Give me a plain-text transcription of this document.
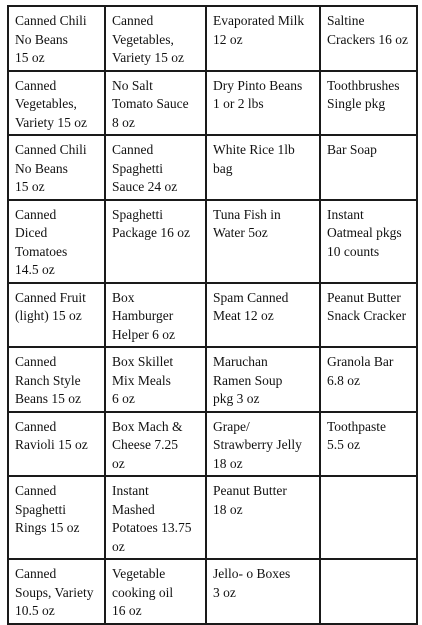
Canned Chili
No Beans
15 oz	Canned
Vegetables,
Variety 15 oz	Evaporated Milk
12 oz	Saltine
Crackers 16 oz

Canned
Vegetables,
Variety 15 oz	No Salt
Tomato Sauce
8 oz	Dry Pinto Beans
1 or 2 lbs	Toothbrushes
Single pkg

Canned Chili
No Beans
15 oz	Canned
Spaghetti
Sauce 24 oz	White Rice 1lb
bag	Bar Soap

Canned
Diced
Tomatoes
14.5 oz	Spaghetti
Package 16 oz	Tuna Fish in
Water 5oz	Instant
Oatmeal pkgs
10 counts

Canned Fruit
(light) 15 oz	Box
Hamburger
Helper 6 oz	Spam Canned
Meat 12 oz	Peanut Butter
Snack Cracker

Canned
Ranch Style
Beans 15 oz	Box Skillet
Mix Meals
6 oz	Maruchan
Ramen Soup
pkg 3 oz	Granola Bar
6.8 oz

Canned
Ravioli 15 oz	Box Mach &
Cheese 7.25
oz	Grape/
Strawberry Jelly
18 oz	Toothpaste
5.5 oz

Canned
Spaghetti
Rings 15 oz	Instant
Mashed
Potatoes 13.75
oz	Peanut Butter
18 oz	

Canned
Soups, Variety
10.5 oz	Vegetable
cooking oil
16 oz	Jello- o Boxes
3 oz	
